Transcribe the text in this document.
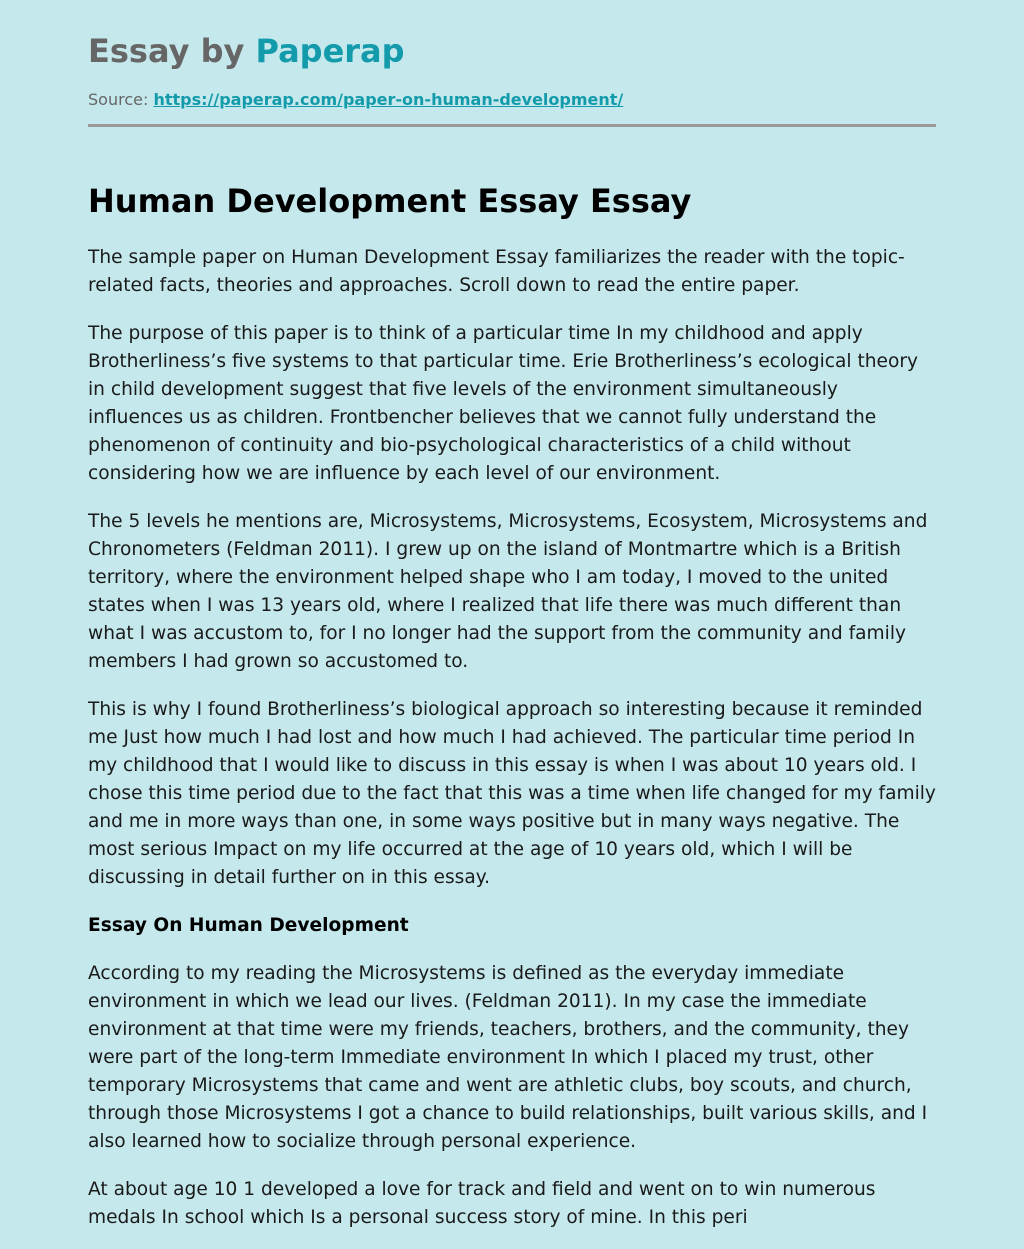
Essay by Paperap
Source: https://paperap.com/paper-on-human-development/
Human Development Essay Essay

The sample paper on Human Development Essay familiarizes the reader with the topic-related facts, theories and approaches. Scroll down to read the entire paper.

The purpose of this paper is to think of a particular time In my childhood and apply Brotherliness’s five systems to that particular time. Erie Brotherliness’s ecological theory in child development suggest that five levels of the environment simultaneously influences us as children. Frontbencher believes that we cannot fully understand the phenomenon of continuity and bio-psychological characteristics of a child without considering how we are influence by each level of our environment.

The 5 levels he mentions are, Microsystems, Microsystems, Ecosystem, Microsystems and Chronometers (Feldman 2011). I grew up on the island of Montmartre which is a British territory, where the environment helped shape who I am today, I moved to the united states when I was 13 years old, where I realized that life there was much different than what I was accustom to, for I no longer had the support from the community and family members I had grown so accustomed to.

This is why I found Brotherliness’s biological approach so interesting because it reminded me Just how much I had lost and how much I had achieved. The particular time period In my childhood that I would like to discuss in this essay is when I was about 10 years old. I chose this time period due to the fact that this was a time when life changed for my family and me in more ways than one, in some ways positive but in many ways negative. The most serious Impact on my life occurred at the age of 10 years old, which I will be discussing in detail further on in this essay.

Essay On Human Development

According to my reading the Microsystems is defined as the everyday immediate environment in which we lead our lives. (Feldman 2011). In my case the immediate environment at that time were my friends, teachers, brothers, and the community, they were part of the long-term Immediate environment In which I placed my trust, other temporary Microsystems that came and went are athletic clubs, boy scouts, and church, through those Microsystems I got a chance to build relationships, built various skills, and I also learned how to socialize through personal experience.

At about age 10 1 developed a love for track and field and went on to win numerous medals In school which Is a personal success story of mine. In this peri
